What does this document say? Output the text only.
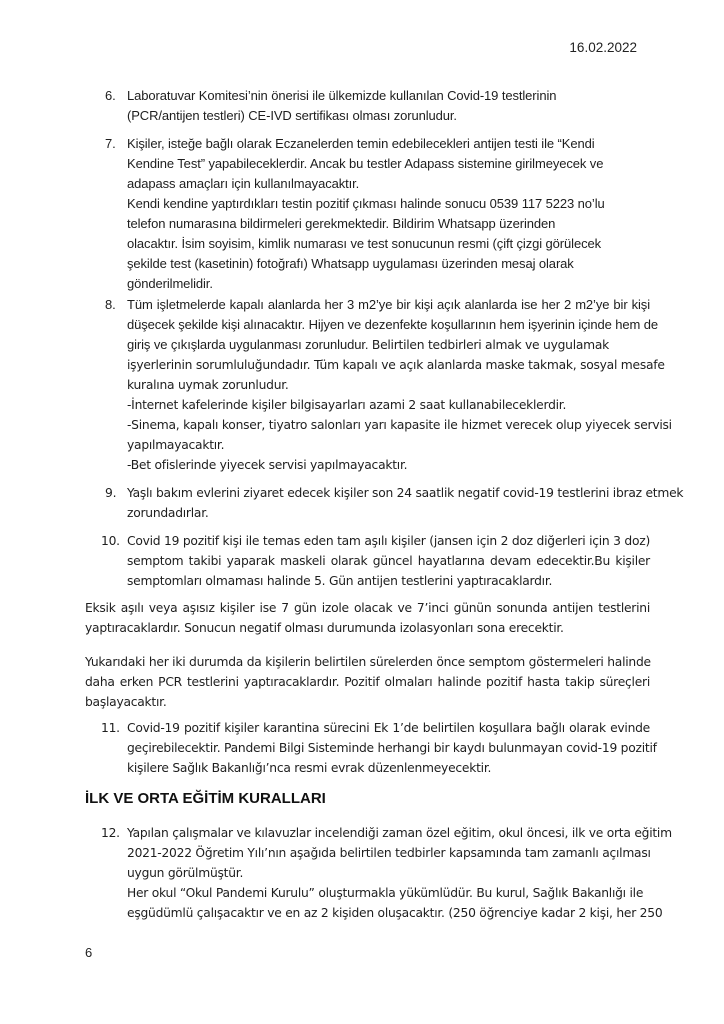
16.02.2022
6. Laboratuvar Komitesi’nin önerisi ile ülkemizde kullanılan Covid-19 testlerinin
(PCR/antijen testleri) CE-IVD sertifikası olması zorunludur.
7. Kişiler, isteğe bağlı olarak Eczanelerden temin edebilecekleri antijen testi ile “Kendi
Kendine Test” yapabileceklerdir. Ancak bu testler Adapass sistemine girilmeyecek ve
adapass amaçları için kullanılmayacaktır.
Kendi kendine yaptırdıkları testin pozitif çıkması halinde sonucu 0539 117 5223 no’lu
telefon numarasına bildirmeleri gerekmektedir. Bildirim Whatsapp üzerinden
olacaktır. İsim soyisim, kimlik numarası ve test sonucunun resmi (çift çizgi görülecek
şekilde test (kasetinin) fotoğrafı) Whatsapp uygulaması üzerinden mesaj olarak
gönderilmelidir.
8. Tüm işletmelerde kapalı alanlarda her 3 m2’ye bir kişi açık alanlarda ise her 2 m2’ye bir kişi
düşecek şekilde kişi alınacaktır. Hijyen ve dezenfekte koşullarının hem işyerinin içinde hem de
giriş ve çıkışlarda uygulanması zorunludur. Belirtilen tedbirleri almak ve uygulamak
işyerlerinin sorumluluğundadır. Tüm kapalı ve açık alanlarda maske takmak, sosyal mesafe
kuralına uymak zorunludur.
-İnternet kafelerinde kişiler bilgisayarları azami 2 saat kullanabileceklerdir.
-Sinema, kapalı konser, tiyatro salonları yarı kapasite ile hizmet verecek olup yiyecek servisi
yapılmayacaktır.
-Bet ofislerinde yiyecek servisi yapılmayacaktır.
9. Yaşlı bakım evlerini ziyaret edecek kişiler son 24 saatlik negatif covid-19 testlerini ibraz etmek
zorundadırlar.
10. Covid 19 pozitif kişi ile temas eden tam aşılı kişiler (jansen için 2 doz diğerleri için 3 doz)
semptom takibi yaparak maskeli olarak güncel hayatlarına devam edecektir.Bu kişiler
semptomları olmaması halinde 5. Gün antijen testlerini yaptıracaklardır.
Eksik aşılı veya aşısız kişiler ise 7 gün izole olacak ve 7’inci günün sonunda antijen testlerini
yaptıracaklardır. Sonucun negatif olması durumunda izolasyonları sona erecektir.
Yukarıdaki her iki durumda da kişilerin belirtilen sürelerden önce semptom göstermeleri halinde
daha erken PCR testlerini yaptıracaklardır. Pozitif olmaları halinde pozitif hasta takip süreçleri
başlayacaktır.
11. Covid-19 pozitif kişiler karantina sürecini Ek 1’de belirtilen koşullara bağlı olarak evinde
geçirebilecektir. Pandemi Bilgi Sisteminde herhangi bir kaydı bulunmayan covid-19 pozitif
kişilere Sağlık Bakanlığı’nca resmi evrak düzenlenmeyecektir.
İLK VE ORTA EĞİTİM KURALLARI
12. Yapılan çalışmalar ve kılavuzlar incelendiği zaman özel eğitim, okul öncesi, ilk ve orta eğitim
2021-2022 Öğretim Yılı’nın aşağıda belirtilen tedbirler kapsamında tam zamanlı açılması
uygun görülmüştür.
Her okul “Okul Pandemi Kurulu” oluşturmakla yükümlüdür. Bu kurul, Sağlık Bakanlığı ile
eşgüdümlü çalışacaktır ve en az 2 kişiden oluşacaktır. (250 öğrenciye kadar 2 kişi, her 250
6
